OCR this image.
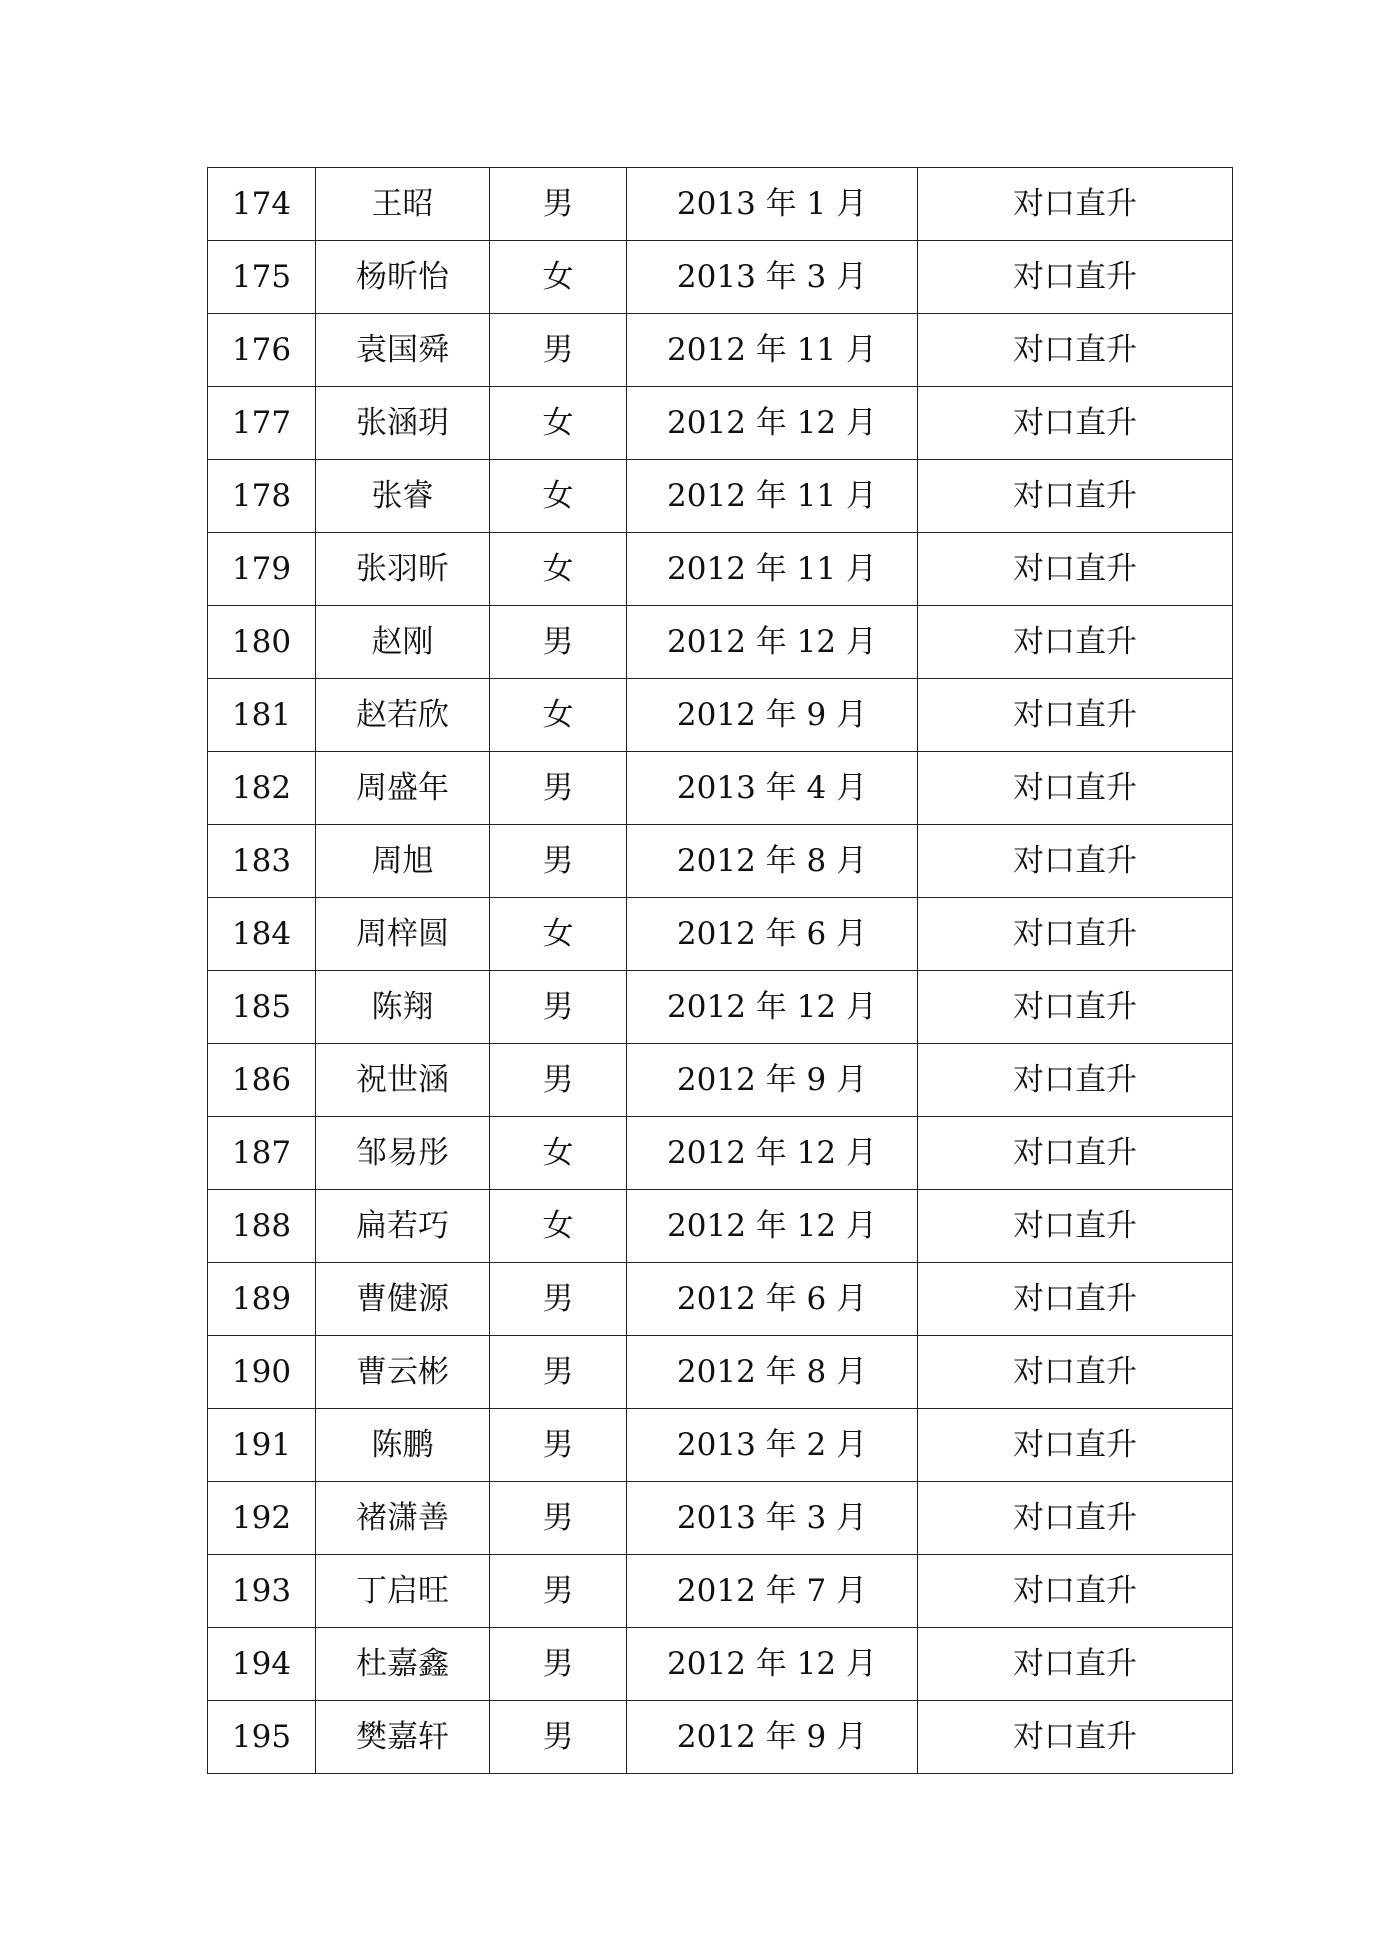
174	王昭	男	2013 年 1 月	对口直升
175	杨昕怡	女	2013 年 3 月	对口直升
176	袁国舜	男	2012 年 11 月	对口直升
177	张涵玥	女	2012 年 12 月	对口直升
178	张睿	女	2012 年 11 月	对口直升
179	张羽昕	女	2012 年 11 月	对口直升
180	赵刚	男	2012 年 12 月	对口直升
181	赵若欣	女	2012 年 9 月	对口直升
182	周盛年	男	2013 年 4 月	对口直升
183	周旭	男	2012 年 8 月	对口直升
184	周梓圆	女	2012 年 6 月	对口直升
185	陈翔	男	2012 年 12 月	对口直升
186	祝世涵	男	2012 年 9 月	对口直升
187	邹易彤	女	2012 年 12 月	对口直升
188	扁若巧	女	2012 年 12 月	对口直升
189	曹健源	男	2012 年 6 月	对口直升
190	曹云彬	男	2012 年 8 月	对口直升
191	陈鹏	男	2013 年 2 月	对口直升
192	褚潇善	男	2013 年 3 月	对口直升
193	丁启旺	男	2012 年 7 月	对口直升
194	杜嘉鑫	男	2012 年 12 月	对口直升
195	樊嘉轩	男	2012 年 9 月	对口直升
